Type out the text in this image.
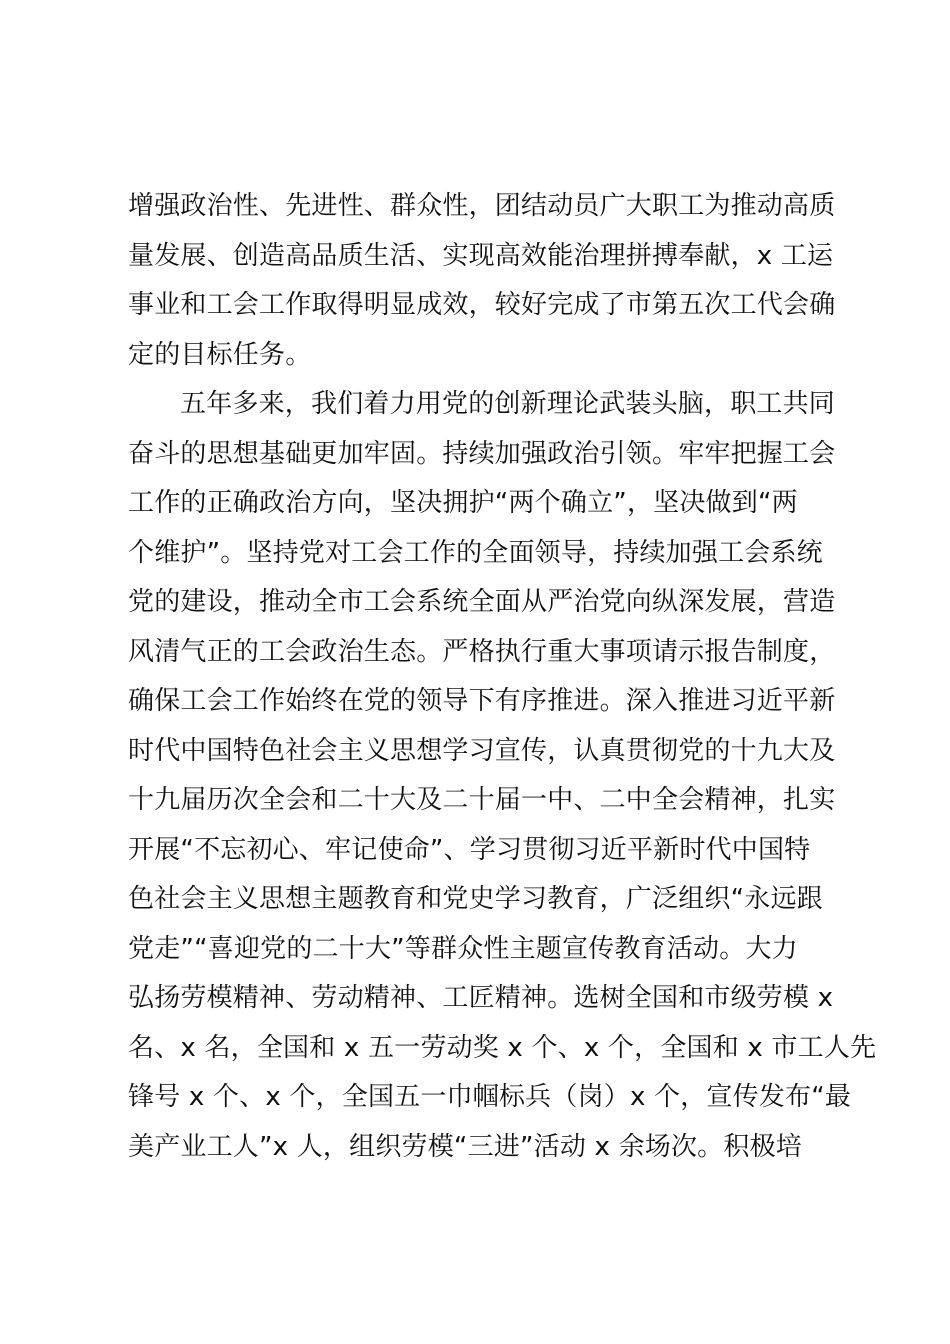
增强政治性、先进性、群众性，团结动员广大职工为推动高质
量发展、创造高品质生活、实现高效能治理拼搏奉献，x 工运
事业和工会工作取得明显成效，较好完成了市第五次工代会确
定的目标任务。
五年多来，我们着力用党的创新理论武装头脑，职工共同
奋斗的思想基础更加牢固。持续加强政治引领。牢牢把握工会
工作的正确政治方向，坚决拥护“两个确立”，坚决做到“两
个维护”。坚持党对工会工作的全面领导，持续加强工会系统
党的建设，推动全市工会系统全面从严治党向纵深发展，营造
风清气正的工会政治生态。严格执行重大事项请示报告制度，
确保工会工作始终在党的领导下有序推进。深入推进习近平新
时代中国特色社会主义思想学习宣传，认真贯彻党的十九大及
十九届历次全会和二十大及二十届一中、二中全会精神，扎实
开展“不忘初心、牢记使命”、学习贯彻习近平新时代中国特
色社会主义思想主题教育和党史学习教育，广泛组织“永远跟
党走”“喜迎党的二十大”等群众性主题宣传教育活动。大力
弘扬劳模精神、劳动精神、工匠精神。选树全国和市级劳模 x
名、x 名，全国和 x 五一劳动奖 x 个、x 个，全国和 x 市工人先
锋号 x 个、x 个，全国五一巾帼标兵（岗）x 个，宣传发布“最
美产业工人”x 人，组织劳模“三进”活动 x 余场次。积极培
